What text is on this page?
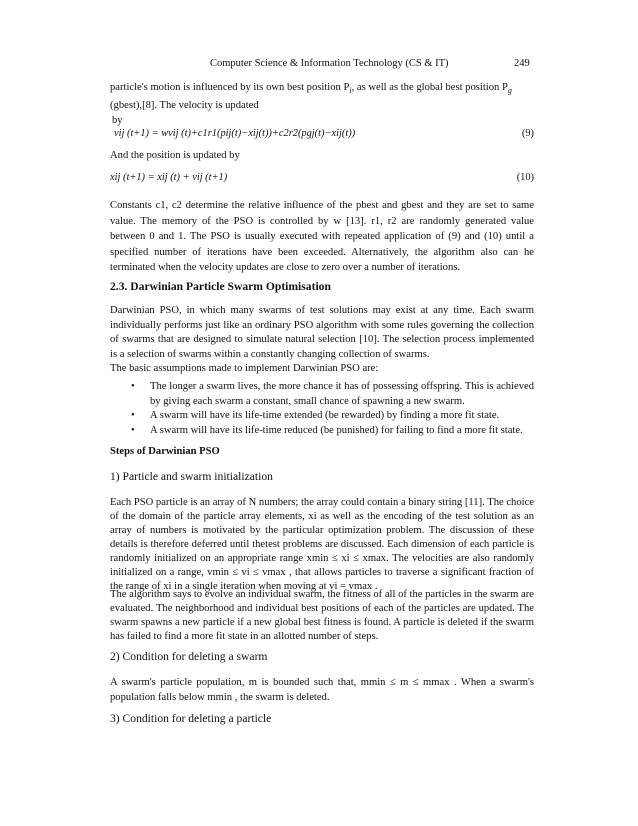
Computer Science & Information Technology (CS & IT)	249
particle's motion is influenced by its own best position $P_i$, as well as the global best position $P_g$
(gbest),[8]. The velocity is updated
by
vij (t+1) = wvij (t)+c1r1(pij(t)−xij(t))+c2r2(pgj(t)−xij(t))	(9)
And the position is updated by
xij (t+1) = xij (t) + vij (t+1)	(10)
Constants c1, c2 determine the relative influence of the pbest and gbest and they are set to same value. The memory of the PSO is controlled by w [13]. r1, r2 are randomly generated value between 0 and 1. The PSO is usually executed with repeated application of (9) and (10) until a specified number of iterations have been exceeded. Alternatively, the algorithm also can he terminated when the velocity updates are close to zero over a number of iterations.
2.3. Darwinian Particle Swarm Optimisation
Darwinian PSO, in which many swarms of test solutions may exist at any time. Each swarm individually performs just like an ordinary PSO algorithm with some rules governing the collection of swarms that are designed to simulate natural selection [10]. The selection process implemented is a selection of swarms within a constantly changing collection of swarms.
The basic assumptions made to implement Darwinian PSO are:
• The longer a swarm lives, the more chance it has of possessing offspring. This is achieved by giving each swarm a constant, small chance of spawning a new swarm.
• A swarm will have its life-time extended (be rewarded) by finding a more fit state.
• A swarm will have its life-time reduced (be punished) for failing to find a more fit state.
Steps of Darwinian PSO
1) Particle and swarm initialization
Each PSO particle is an array of N numbers; the array could contain a binary string [11]. The choice of the domain of the particle array elements, xi as well as the encoding of the test solution as an array of numbers is motivated by the particular optimization problem. The discussion of these details is therefore deferred until thetest problems are discussed. Each dimension of each particle is randomly initialized on an appropriate range xmin ≤ xi ≤ xmax. The velocities are also randomly initialized on a range, vmin ≤ vi ≤ vmax , that allows particles to traverse a significant fraction of the range of xi in a single iteration when moving at vi = vmax .
The algorithm says to evolve an individual swarm, the fitness of all of the particles in the swarm are evaluated. The neighborhood and individual best positions of each of the particles are updated. The swarm spawns a new particle if a new global best fitness is found. A particle is deleted if the swarm has failed to find a more fit state in an allotted number of steps.
2) Condition for deleting a swarm
A swarm's particle population, m is bounded such that, mmin ≤ m ≤ mmax . When a swarm's population falls below mmin , the swarm is deleted.
3) Condition for deleting a particle
